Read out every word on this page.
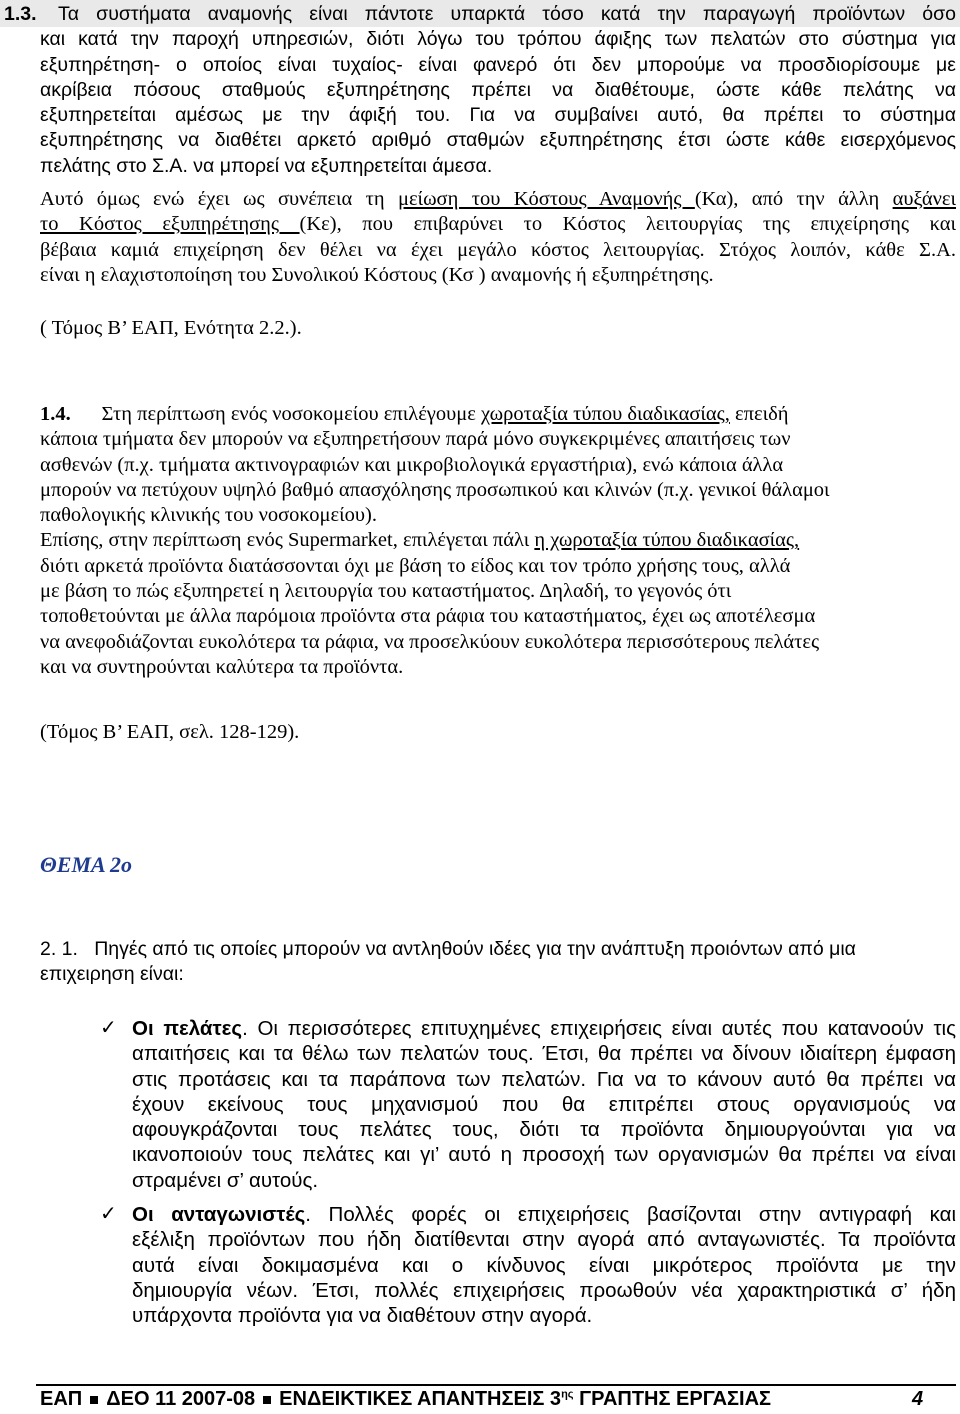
1.3. Τα συστήματα αναμονής είναι πάντοτε υπαρκτά τόσο κατά την παραγωγή προϊόντων όσο
και κατά την παροχή υπηρεσιών, διότι λόγω του τρόπου άφιξης των πελατών στο σύστημα για
εξυπηρέτηση- ο οποίος είναι τυχαίος- είναι φανερό ότι δεν μπορούμε να προσδιορίσουμε με
ακρίβεια πόσους σταθμούς εξυπηρέτησης πρέπει να διαθέτουμε, ώστε κάθε πελάτης να
εξυπηρετείται αμέσως με την άφιξή του. Για να συμβαίνει αυτό, θα πρέπει το σύστημα
εξυπηρέτησης να διαθέτει αρκετό αριθμό σταθμών εξυπηρέτησης έτσι ώστε κάθε εισερχόμενος
πελάτης στο Σ.Α. να μπορεί να εξυπηρετείται άμεσα.
Αυτό όμως ενώ έχει ως συνέπεια τη μείωση του Κόστους Αναμονής (Κα), από την άλλη αυξάνει
το Κόστος εξυπηρέτησης (Κε), που επιβαρύνει το Κόστος λειτουργίας της επιχείρησης και
βέβαια καμιά επιχείρηση δεν θέλει να έχει μεγάλο κόστος λειτουργίας. Στόχος λοιπόν, κάθε Σ.Α.
είναι η ελαχιστοποίηση του Συνολικού Κόστους (Κσ ) αναμονής ή εξυπηρέτησης.
( Τόμος Β’ ΕΑΠ, Ενότητα 2.2.).
1.4. Στη περίπτωση ενός νοσοκομείου επιλέγουμε χωροταξία τύπου διαδικασίας, επειδή
κάποια τμήματα δεν μπορούν να εξυπηρετήσουν παρά μόνο συγκεκριμένες απαιτήσεις των
ασθενών (π.χ. τμήματα ακτινογραφιών και μικροβιολογικά εργαστήρια), ενώ κάποια άλλα
μπορούν να πετύχουν υψηλό βαθμό απασχόλησης προσωπικού και κλινών (π.χ. γενικοί θάλαμοι
παθολογικής κλινικής του νοσοκομείου).
Επίσης, στην περίπτωση ενός Supermarket, επιλέγεται πάλι η χωροταξία τύπου διαδικασίας,
διότι αρκετά προϊόντα διατάσσονται όχι με βάση το είδος και τον τρόπο χρήσης τους, αλλά
με βάση το πώς εξυπηρετεί η λειτουργία του καταστήματος. Δηλαδή, το γεγονός ότι
τοποθετούνται με άλλα παρόμοια προϊόντα στα ράφια του καταστήματος, έχει ως αποτέλεσμα
να ανεφοδιάζονται ευκολότερα τα ράφια, να προσελκύουν ευκολότερα περισσότερους πελάτες
και να συντηρούνται καλύτερα τα προϊόντα.
(Τόμος Β’ ΕΑΠ, σελ. 128-129).
ΘΕΜΑ 2ο
2. 1. Πηγές από τις οποίες μπορούν να αντληθούν ιδέες για την ανάπτυξη προιόντων από μια
επιχειρηση είναι:
✓ Οι πελάτες. Οι περισσότερες επιτυχημένες επιχειρήσεις είναι αυτές που κατανοούν τις
απαιτήσεις και τα θέλω των πελατών τους. Έτσι, θα πρέπει να δίνουν ιδιαίτερη έμφαση
στις προτάσεις και τα παράπονα των πελατών. Για να το κάνουν αυτό θα πρέπει να
έχουν εκείνους τους μηχανισμού που θα επιτρέπει στους οργανισμούς να
αφουγκράζονται τους πελάτες τους, διότι τα προϊόντα δημιουργούνται για να
ικανοποιούν τους πελάτες και γι’ αυτό η προσοχή των οργανισμών θα πρέπει να είναι
στραμένει σ’ αυτούς.
✓ Οι ανταγωνιστές. Πολλές φορές οι επιχειρήσεις βασίζονται στην αντιγραφή και
εξέλιξη προϊόντων που ήδη διατίθενται στην αγορά από ανταγωνιστές. Τα προϊόντα
αυτά είναι δοκιμασμένα και ο κίνδυνος είναι μικρότερος προϊόντα με την
δημιουργία νέων. Έτσι, πολλές επιχειρήσεις προωθούν νέα χαρακτηριστικά σ’ ήδη
υπάρχοντα προϊόντα για να διαθέτουν στην αγορά.
ΕΑΠ ΔΕΟ 11 2007-08 ΕΝΔΕΙΚΤΙΚΕΣ ΑΠΑΝΤΗΣΕΙΣ $3^{\eta\varsigma}$ ΓΡΑΠΤΗΣ ΕΡΓΑΣΙΑΣ	4
